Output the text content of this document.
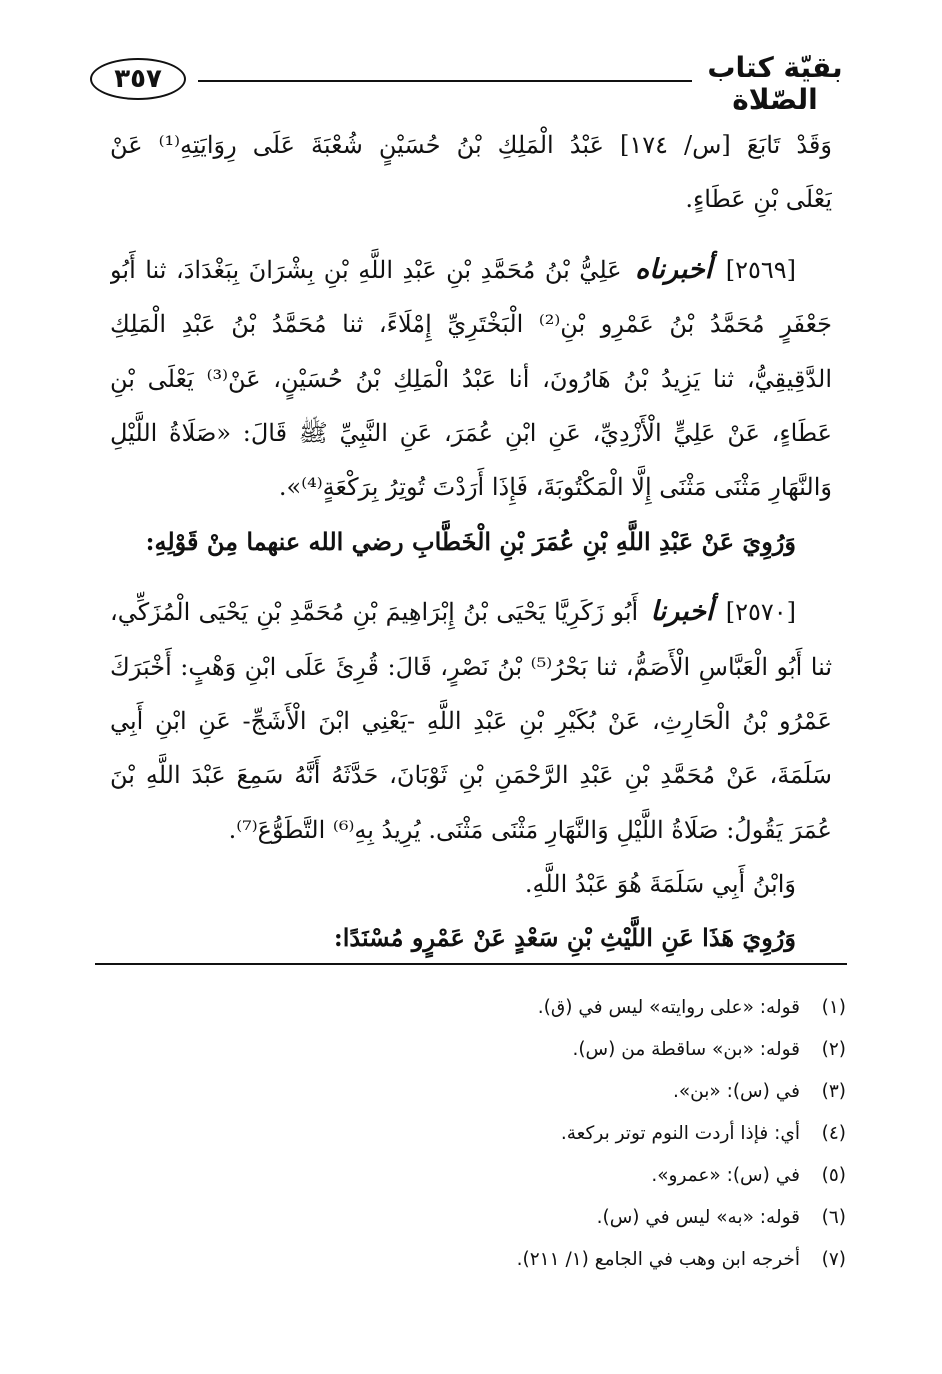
بقيّة كتاب الصّلاة
٣٥٧
وَقَدْ تَابَعَ [س/ ١٧٤] عَبْدُ الْمَلِكِ بْنُ حُسَيْنٍ شُعْبَةَ عَلَى رِوَايَتِهِ⁽¹⁾ عَنْ
يَعْلَى بْنِ عَطَاءٍ.
[٢٥٦٩] أخبرناه عَلِيُّ بْنُ مُحَمَّدِ بْنِ عَبْدِ اللَّهِ بْنِ بِشْرَانَ بِبَغْدَادَ، ثنا أَبُو
جَعْفَرٍ مُحَمَّدُ بْنُ عَمْرِو بْنِ⁽²⁾ الْبَخْتَرِيِّ إِمْلَاءً، ثنا مُحَمَّدُ بْنُ عَبْدِ الْمَلِكِ
الدَّقِيقِيُّ، ثنا يَزِيدُ بْنُ هَارُونَ، أنا عَبْدُ الْمَلِكِ بْنُ حُسَيْنٍ، عَنْ⁽³⁾ يَعْلَى بْنِ
عَطَاءٍ، عَنْ عَلِيٍّ الْأَزْدِيِّ، عَنِ ابْنِ عُمَرَ، عَنِ النَّبِيِّ ﷺ قَالَ: «صَلَاةُ اللَّيْلِ
وَالنَّهَارِ مَثْنَى مَثْنَى إِلَّا الْمَكْتُوبَةَ، فَإِذَا أَرَدْتَ تُوتِرُ بِرَكْعَةٍ⁽⁴⁾».
وَرُوِيَ عَنْ عَبْدِ اللَّهِ بْنِ عُمَرَ بْنِ الْخَطَّابِ رضي الله عنهما مِنْ قَوْلِهِ:
[٢٥٧٠] أخبرنا أَبُو زَكَرِيَّا يَحْيَى بْنُ إِبْرَاهِيمَ بْنِ مُحَمَّدِ بْنِ يَحْيَى الْمُزَكِّي،
ثنا أَبُو الْعَبَّاسِ الْأَصَمُّ، ثنا بَحْرُ⁽⁵⁾ بْنُ نَصْرٍ، قَالَ: قُرِئَ عَلَى ابْنِ وَهْبٍ: أَخْبَرَكَ
عَمْرُو بْنُ الْحَارِثِ، عَنْ بُكَيْرِ بْنِ عَبْدِ اللَّهِ -يَعْنِي ابْنَ الْأَشَجِّ- عَنِ ابْنِ أَبِي
سَلَمَةَ، عَنْ مُحَمَّدِ بْنِ عَبْدِ الرَّحْمَنِ بْنِ ثَوْبَانَ، حَدَّثَهُ أَنَّهُ سَمِعَ عَبْدَ اللَّهِ بْنَ
عُمَرَ يَقُولُ: صَلَاةُ اللَّيْلِ وَالنَّهَارِ مَثْنَى مَثْنَى. يُرِيدُ بِهِ⁽⁶⁾ التَّطَوُّعَ⁽⁷⁾.
وَابْنُ أَبِي سَلَمَةَ هُوَ عَبْدُ اللَّهِ.
وَرُوِيَ هَذَا عَنِ اللَّيْثِ بْنِ سَعْدٍ عَنْ عَمْرٍو مُسْنَدًا:
(١)
قوله: «على روايته» ليس في (ق).
(٢)
قوله: «بن» ساقطة من (س).
(٣)
في (س): «بن».
(٤)
أي: فإذا أردت النوم توتر بركعة.
(٥)
في (س): «عمرو».
(٦)
قوله: «به» ليس في (س).
(٧)
أخرجه ابن وهب في الجامع (١/ ٢١١).
